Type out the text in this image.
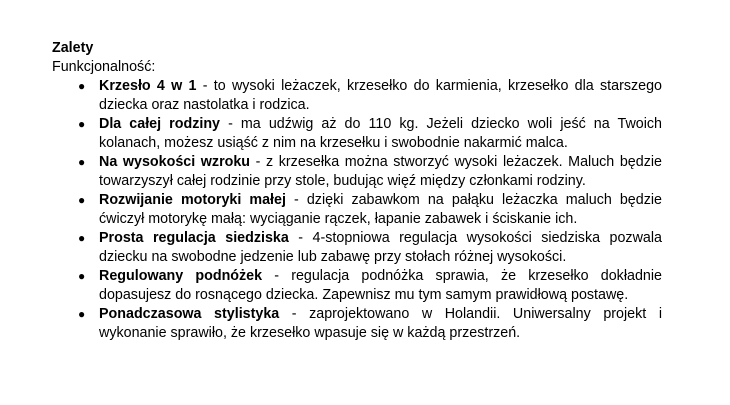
Zalety

Funkcjonalność:

● Krzesło 4 w 1 - to wysoki leżaczek, krzesełko do karmienia, krzesełko dla starszego dziecka oraz nastolatka i rodzica.
● Dla całej rodziny - ma udźwig aż do 110 kg. Jeżeli dziecko woli jeść na Twoich kolanach, możesz usiąść z nim na krzesełku i swobodnie nakarmić malca.
● Na wysokości wzroku - z krzesełka można stworzyć wysoki leżaczek. Maluch będzie towarzyszył całej rodzinie przy stole, budując więź między członkami rodziny.
● Rozwijanie motoryki małej - dzięki zabawkom na pałąku leżaczka maluch będzie ćwiczył motorykę małą: wyciąganie rączek, łapanie zabawek i ściskanie ich.
● Prosta regulacja siedziska - 4-stopniowa regulacja wysokości siedziska pozwala dziecku na swobodne jedzenie lub zabawę przy stołach różnej wysokości.
● Regulowany podnóżek - regulacja podnóżka sprawia, że krzesełko dokładnie dopasujesz do rosnącego dziecka. Zapewnisz mu tym samym prawidłową postawę.
● Ponadczasowa stylistyka - zaprojektowano w Holandii. Uniwersalny projekt i wykonanie sprawiło, że krzesełko wpasuje się w każdą przestrzeń.
